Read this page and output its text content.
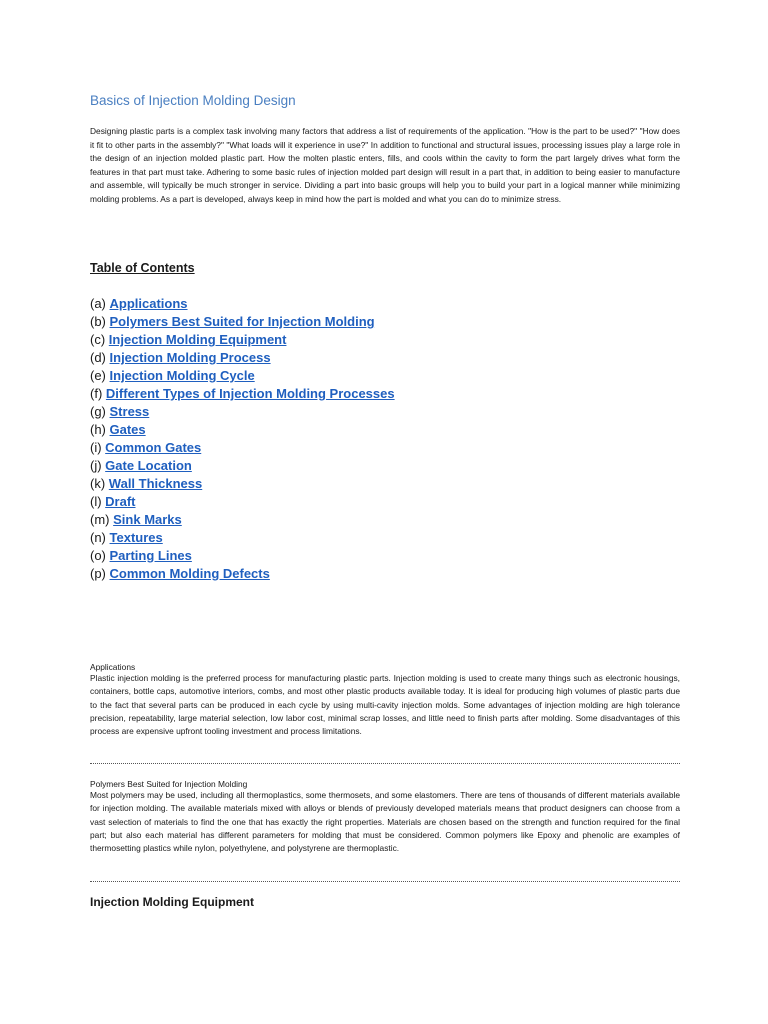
Basics of Injection Molding Design

Designing plastic parts is a complex task involving many factors that address a list of requirements of the application. "How is the part to be used?" "How does it fit to other parts in the assembly?" "What loads will it experience in use?" In addition to functional and structural issues, processing issues play a large role in the design of an injection molded plastic part. How the molten plastic enters, fills, and cools within the cavity to form the part largely drives what form the features in that part must take. Adhering to some basic rules of injection molded part design will result in a part that, in addition to being easier to manufacture and assemble, will typically be much stronger in service. Dividing a part into basic groups will help you to build your part in a logical manner while minimizing molding problems. As a part is developed, always keep in mind how the part is molded and what you can do to minimize stress.

Table of Contents
(a) Applications
(b) Polymers Best Suited for Injection Molding
(c) Injection Molding Equipment
(d) Injection Molding Process
(e) Injection Molding Cycle
(f) Different Types of Injection Molding Processes
(g) Stress
(h) Gates
(i) Common Gates
(j) Gate Location
(k) Wall Thickness
(l) Draft
(m) Sink Marks
(n) Textures
(o) Parting Lines
(p) Common Molding Defects

Applications

Plastic injection molding is the preferred process for manufacturing plastic parts. Injection molding is used to create many things such as electronic housings, containers, bottle caps, automotive interiors, combs, and most other plastic products available today. It is ideal for producing high volumes of plastic parts due to the fact that several parts can be produced in each cycle by using multi-cavity injection molds. Some advantages of injection molding are high tolerance precision, repeatability, large material selection, low labor cost, minimal scrap losses, and little need to finish parts after molding. Some disadvantages of this process are expensive upfront tooling investment and process limitations.

Polymers Best Suited for Injection Molding

Most polymers may be used, including all thermoplastics, some thermosets, and some elastomers. There are tens of thousands of different materials available for injection molding. The available materials mixed with alloys or blends of previously developed materials means that product designers can choose from a vast selection of materials to find the one that has exactly the right properties. Materials are chosen based on the strength and function required for the final part; but also each material has different parameters for molding that must be considered. Common polymers like Epoxy and phenolic are examples of thermosetting plastics while nylon, polyethylene, and polystyrene are thermoplastic.

Injection Molding Equipment
